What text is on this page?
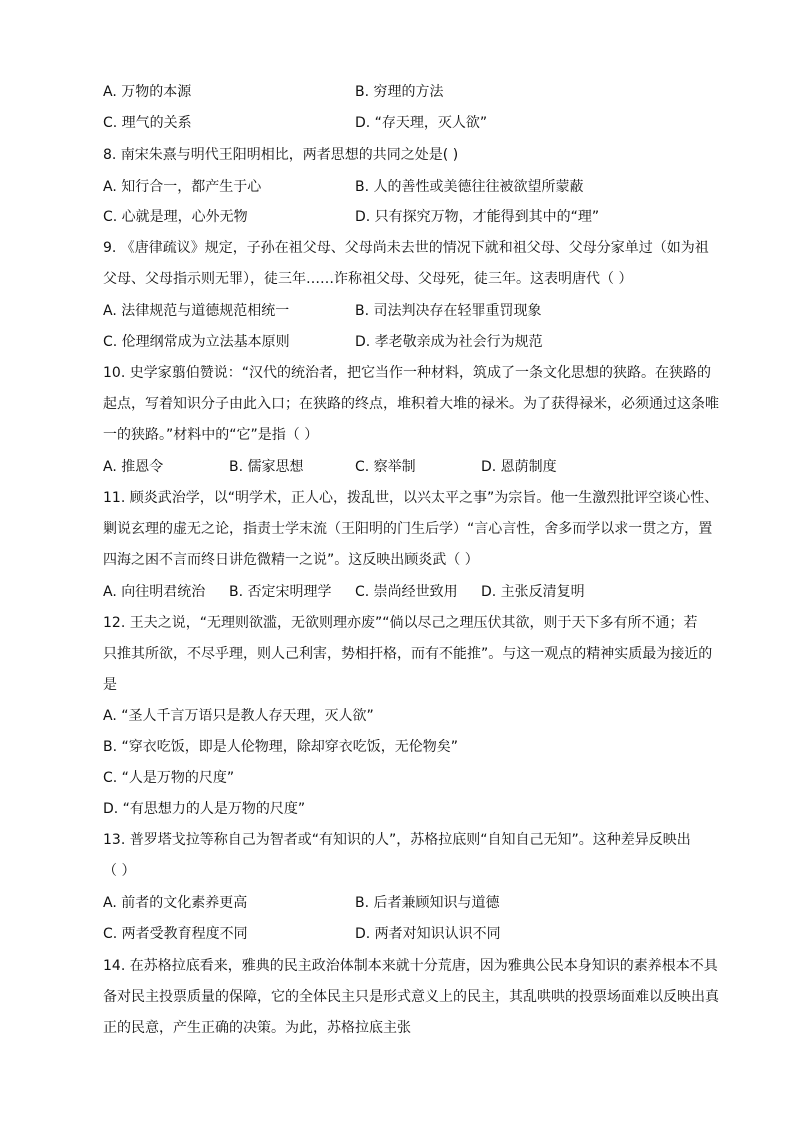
A. 万物的本源	B. 穷理的方法
C. 理气的关系	D. “存天理，灭人欲”
8. 南宋朱熹与明代王阳明相比，两者思想的共同之处是( )
A. 知行合一，都产生于心	B. 人的善性或美德往往被欲望所蒙蔽
C. 心就是理，心外无物	D. 只有探究万物，才能得到其中的“理”
9. 《唐律疏议》规定，子孙在祖父母、父母尚未去世的情况下就和祖父母、父母分家单过（如为祖
父母、父母指示则无罪），徒三年……诈称祖父母、父母死，徒三年。这表明唐代（ ）
A. 法律规范与道德规范相统一	B. 司法判决存在轻罪重罚现象
C. 伦理纲常成为立法基本原则	D. 孝老敬亲成为社会行为规范
10. 史学家翦伯赞说：“汉代的统治者，把它当作一种材料，筑成了一条文化思想的狭路。在狭路的
起点，写着知识分子由此入口；在狭路的终点，堆积着大堆的禄米。为了获得禄米，必须通过这条唯
一的狭路。”材料中的“它”是指（ ）
A. 推恩令	B. 儒家思想	C. 察举制	D. 恩荫制度
11. 顾炎武治学，以“明学术，正人心，拨乱世，以兴太平之事”为宗旨。他一生激烈批评空谈心性、
剿说玄理的虚无之论，指责士学末流（王阳明的门生后学）“言心言性，舍多而学以求一贯之方，置
四海之困不言而终日讲危微精一之说”。这反映出顾炎武（ ）
A. 向往明君统治 B. 否定宋明理学 C. 崇尚经世致用 D. 主张反清复明
12. 王夫之说，“无理则欲滥，无欲则理亦废”“倘以尽己之理压伏其欲，则于天下多有所不通；若
只推其所欲，不尽乎理，则人己利害，势相扞格，而有不能推”。与这一观点的精神实质最为接近的
是
A. “圣人千言万语只是教人存天理，灭人欲”
B. “穿衣吃饭，即是人伦物理，除却穿衣吃饭，无伦物矣”
C. “人是万物的尺度”
D. “有思想力的人是万物的尺度”
13. 普罗塔戈拉等称自己为智者或“有知识的人”，苏格拉底则“自知自己无知”。这种差异反映出
（ ）
A. 前者的文化素养更高	B. 后者兼顾知识与道德
C. 两者受教育程度不同	D. 两者对知识认识不同
14. 在苏格拉底看来，雅典的民主政治体制本来就十分荒唐，因为雅典公民本身知识的素养根本不具
备对民主投票质量的保障，它的全体民主只是形式意义上的民主，其乱哄哄的投票场面难以反映出真
正的民意，产生正确的决策。为此，苏格拉底主张
